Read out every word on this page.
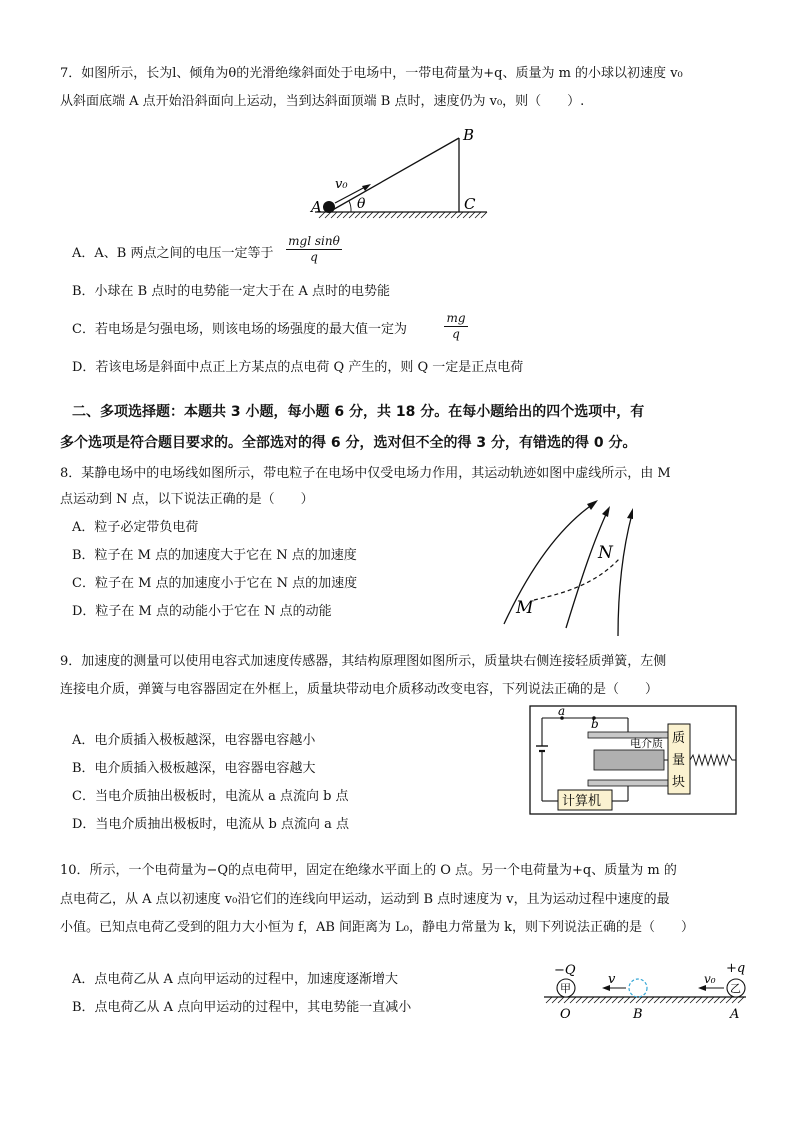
7．如图所示，长为l、倾角为θ的光滑绝缘斜面处于电场中，一带电荷量为+q、质量为 m 的小球以初速度 v₀
从斜面底端 A 点开始沿斜面向上运动，当到达斜面顶端 B 点时，速度仍为 v₀，则（　　）.
A
B
C
v₀
θ
A．A、B 两点之间的电压一定等于
mgl sinθ
q
B．小球在 B 点时的电势能一定大于在 A 点时的电势能
C．若电场是匀强电场，则该电场的场强度的最大值一定为	$\frac{mg}{q}$
D．若该电场是斜面中点正上方某点的点电荷 Q 产生的，则 Q 一定是正点电荷
二、多项选择题：本题共 3 小题，每小题 6 分，共 18 分。在每小题给出的四个选项中，有
多个选项是符合题目要求的。全部选对的得 6 分，选对但不全的得 3 分，有错选的得 0 分。
8．某静电场中的电场线如图所示，带电粒子在电场中仅受电场力作用，其运动轨迹如图中虚线所示，由 M
点运动到 N 点，以下说法正确的是（　　）
A．粒子必定带负电荷
B．粒子在 M 点的加速度大于它在 N 点的加速度
C．粒子在 M 点的加速度小于它在 N 点的加速度
D．粒子在 M 点的动能小于它在 N 点的动能	M
N
9．加速度的测量可以使用电容式加速度传感器，其结构原理图如图所示，质量块右侧连接轻质弹簧，左侧
连接电介质，弹簧与电容器固定在外框上，质量块带动电介质移动改变电容，下列说法正确的是（　　）
A．电介质插入极板越深，电容器电容越小
B．电介质插入极板越深，电容器电容越大
C．当电介质抽出极板时，电流从 a 点流向 b 点
D．当电介质抽出极板时，电流从 b 点流向 a 点
a
b
电介质 质
量
块
计算机
10．所示，一个电荷量为−Q的点电荷甲，固定在绝缘水平面上的 O 点。另一个电荷量为+q、质量为 m 的
点电荷乙，从 A 点以初速度 v₀沿它们的连线向甲运动，运动到 B 点时速度为 v，且为运动过程中速度的最
小值。已知点电荷乙受到的阻力大小恒为 f，AB 间距离为 L₀，静电力常量为 k，则下列说法正确的是（　　）
A．点电荷乙从 A 点向甲运动的过程中，加速度逐渐增大
B．点电荷乙从 A 点向甲运动的过程中，其电势能一直减小
甲	乙
−Q	+q
v	v₀
O	B	A
